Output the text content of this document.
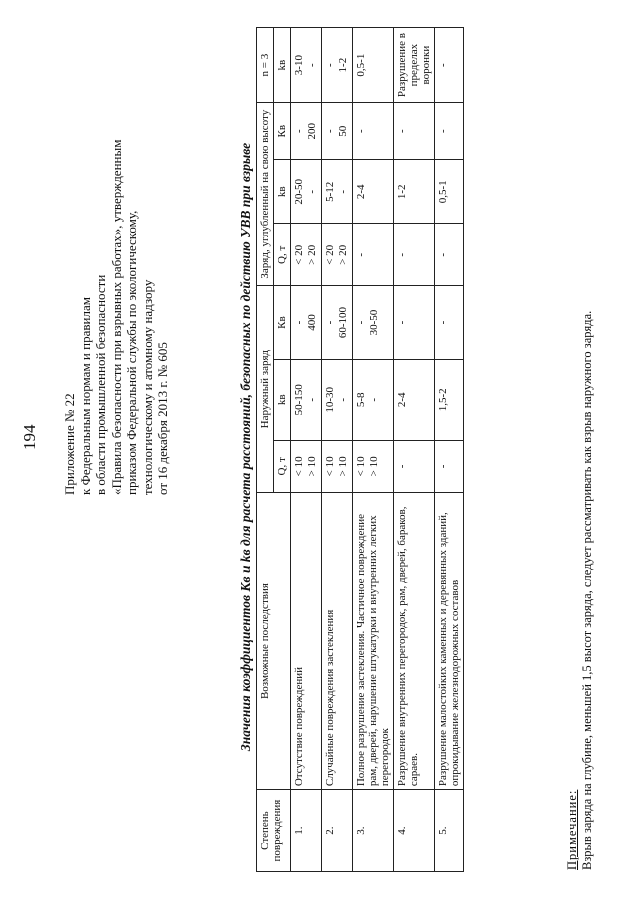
194 Приложение № 22 к Федеральным нормам и правилам в области промышленной безопасности «Правила безопасности при взрывных работах», утвержденным приказом Федеральной службы по экологическому, технологическому и атомному надзору от 16 декабря 2013 г. № 605	Значения коэффициентов Кв и kв для расчета расстояний, безопасных по действию УВВ при взрыве
Степень повреждения	Возможные последствия	Наружный заряд			Заряд, углубленный на свою высоту			n = 3
		Q, т	kв	Кв	Q, т	kв	Кв	kв
1.	Отсутствие повреждений	< 10 > 10	50-150 -	- 400	< 20 > 20	20-50 -	- 200	3-10 -

2.	Случайные повреждения застекления	< 10 > 10	10-30 -	- 60-100	< 20 > 20	5-12 -	- 50	- 1-2

3.	Полное разрушение застекления. Частичное повреждение рам, дверей, нарушение штукатурки и внутренних легких перегородок	< 10 > 10	5-8 -	- 30-50	-	2-4	-	0,5-1

4.	Разрушение внутренних перегородок, рам, дверей, бараков, сараев.	-	2-4	-	-	1-2	-	Разрушение в пределах воронки

5.	Разрушение малостойких каменных и деревянных зданий, опрокидывание железнодорожных составов	-	1,5-2	-	-	0,5-1	-	-
Примечание: Взрыв заряда на глубине, меньшей 1,5 высот заряда, следует рассматривать как взрыв наружного заряда.
